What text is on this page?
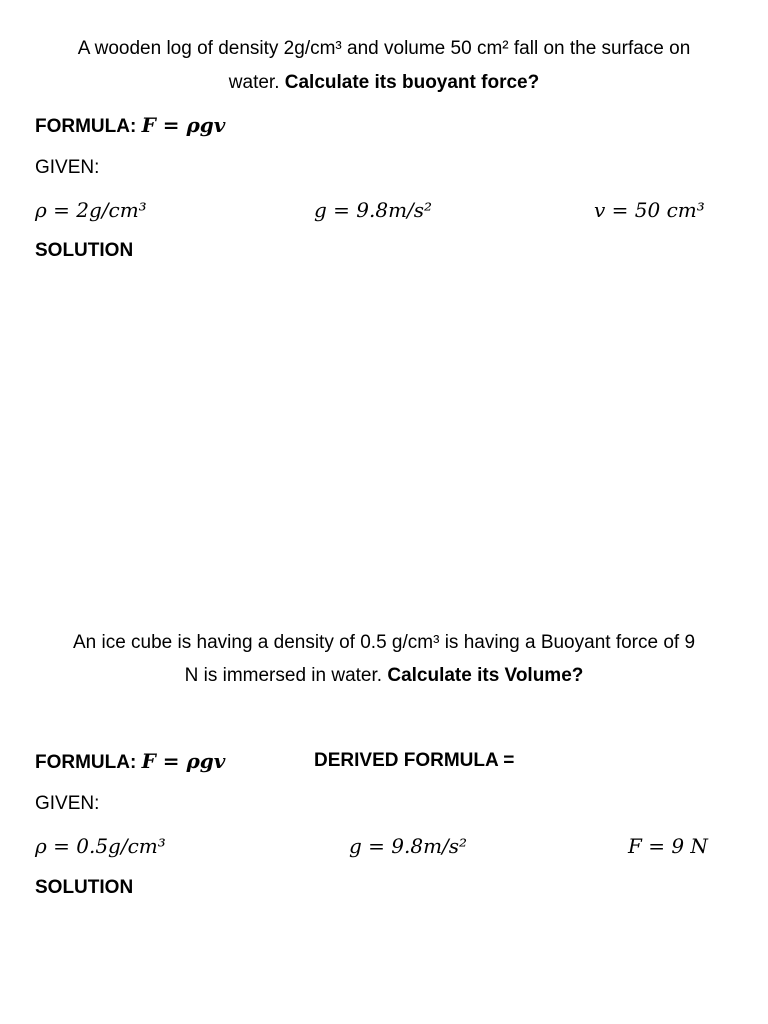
A wooden log of density 2g/cm³ and volume 50 cm² fall on the surface on
water. Calculate its buoyant force?
FORMULA: F = ρgv
GIVEN:
ρ = 2g/cm³	g = 9.8m/s²	v = 50 cm³
SOLUTION
An ice cube is having a density of 0.5 g/cm³ is having a Buoyant force of 9
N is immersed in water. Calculate its Volume?
FORMULA: F = ρgv	DERIVED FORMULA =
GIVEN:
ρ = 0.5g/cm³	g = 9.8m/s²	F = 9 N
SOLUTION
